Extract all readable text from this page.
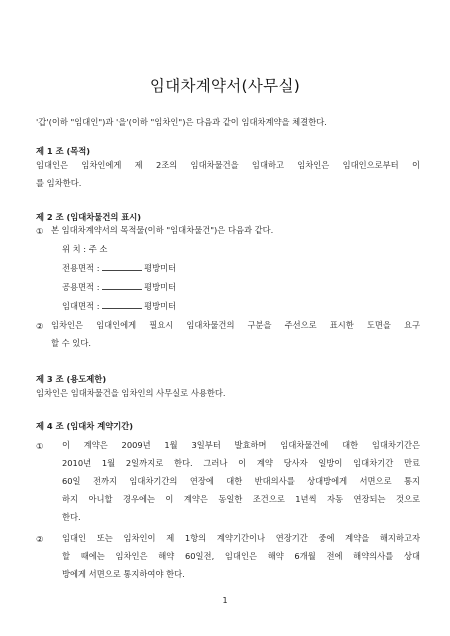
임대차계약서(사무실)
'갑'(이하 "임대인")과 '을'(이하 "임차인")은 다음과 같이 임대차계약을 체결한다.
제 1 조 (목적)
임대인은 임차인에게 제 2조의 임대차물건을 임대하고 임차인은 임대인으로부터 이
를 임차한다.
제 2 조 (임대차물건의 표시)
① 본 임대차계약서의 목적물(이하 "임대차물건")은 다음과 같다.
위 치 : 주 소
전용면적 :	평방미터
공용면적 :	평방미터
임대면적 :	평방미터
② 임차인은 임대인에게 필요시 임대차물건의 구분을 주선으로 표시한 도면을 요구
할 수 있다.
제 3 조 (용도제한)
임차인은 임대차물건을 임차인의 사무실로 사용한다.
제 4 조 (임대차 계약기간)
① 이 계약은 2009년 1월 3일부터 발효하며 임대차물건에 대한 임대차기간은
2010년 1월 2일까지로 한다. 그러나 이 계약 당사자 일방이 임대차기간 만료
60일 전까지 임대차기간의 연장에 대한 반대의사를 상대방에게 서면으로 통지
하지 아니할 경우에는 이 계약은 동일한 조건으로 1년씩 자동 연장되는 것으로
한다.
② 임대인 또는 임차인이 제 1항의 계약기간이나 연장기간 중에 계약을 해지하고자
할 때에는 임차인은 해약 60일전, 임대인은 해약 6개월 전에 해약의사를 상대
방에게 서면으로 통지하여야 한다.
1
